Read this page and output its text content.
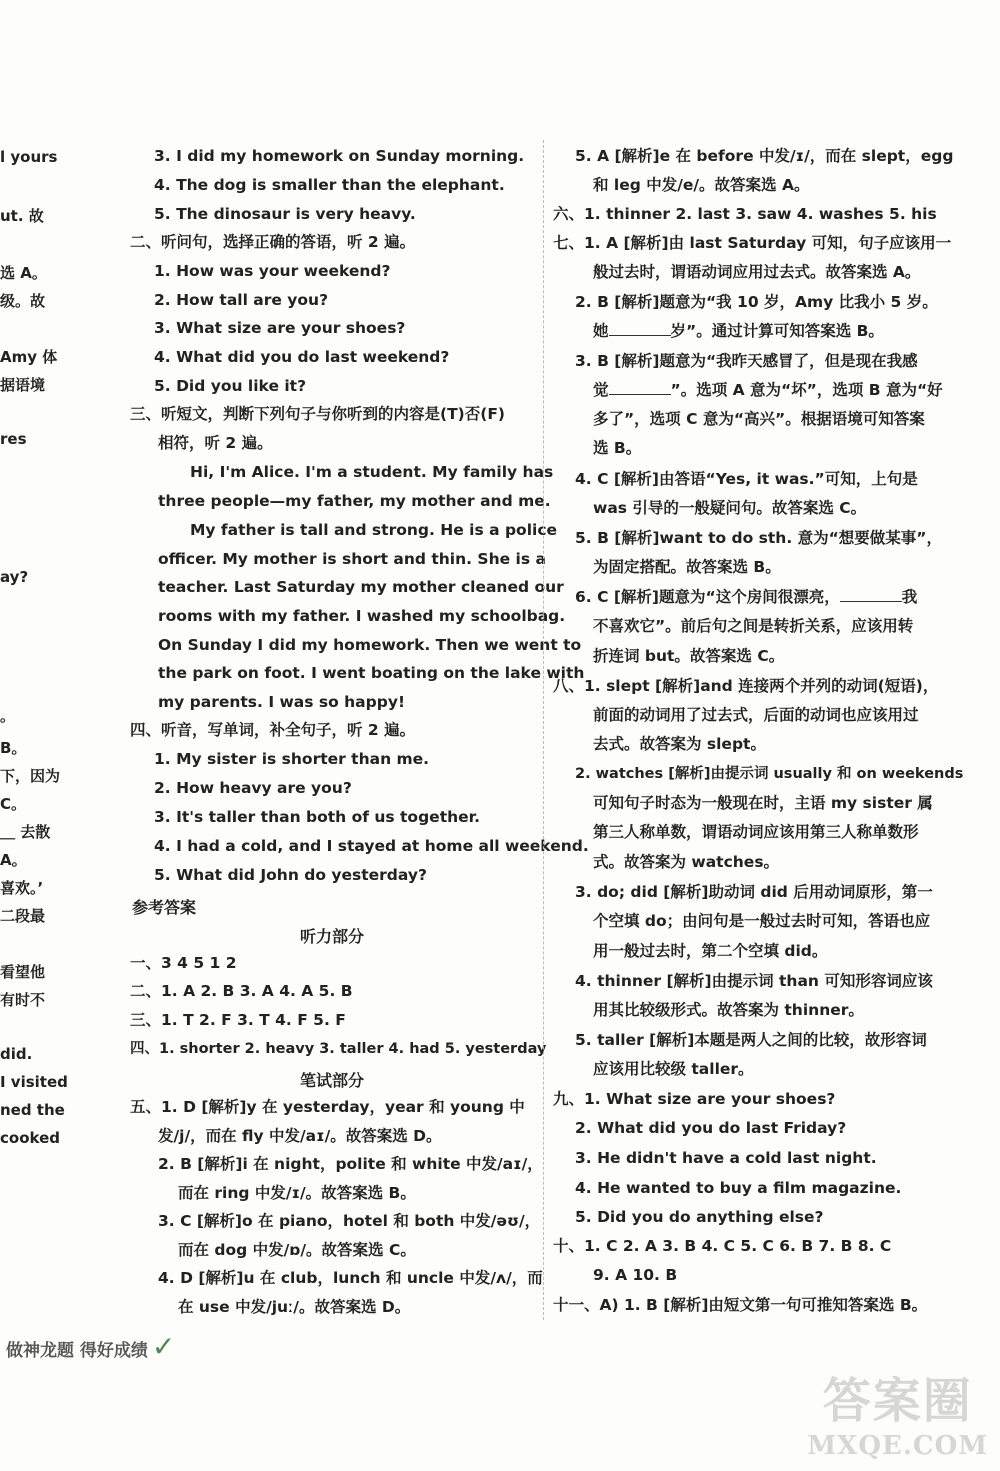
l yours
ut. 故
选 A。
级。故
Amy 体
据语境
res
ay?
。
B。
下，因为
C。
＿ 去散
A。
喜欢。’
二段最
看望他
有时不
did.
I visited
ned the
cooked
3. I did my homework on Sunday morning.
4. The dog is smaller than the elephant.
5. The dinosaur is very heavy.
二、听问句，选择正确的答语，听 2 遍。
1. How was your weekend?
2. How tall are you?
3. What size are your shoes?
4. What did you do last weekend?
5. Did you like it?
三、听短文，判断下列句子与你听到的内容是(T)否(F)
相符，听 2 遍。
Hi, I'm Alice. I'm a student. My family has
three people—my father, my mother and me.
My father is tall and strong. He is a police
officer. My mother is short and thin. She is a
teacher. Last Saturday my mother cleaned our
rooms with my father. I washed my schoolbag.
On Sunday I did my homework. Then we went to
the park on foot. I went boating on the lake with
my parents. I was so happy!
四、听音，写单词，补全句子，听 2 遍。
1. My sister is shorter than me.
2. How heavy are you?
3. It's taller than both of us together.
4. I had a cold, and I stayed at home all weekend.
5. What did John do yesterday?
参考答案
听力部分
一、3 4 5 1 2
二、1. A 2. B 3. A 4. A 5. B
三、1. T 2. F 3. T 4. F 5. F
四、1. shorter 2. heavy 3. taller 4. had 5. yesterday
笔试部分
五、1. D [解析]y 在 yesterday，year 和 young 中
发/j/，而在 fly 中发/aɪ/。故答案选 D。
2. B [解析]i 在 night，polite 和 white 中发/aɪ/，
而在 ring 中发/ɪ/。故答案选 B。
3. C [解析]o 在 piano，hotel 和 both 中发/əʊ/，
而在 dog 中发/ɒ/。故答案选 C。
4. D [解析]u 在 club，lunch 和 uncle 中发/ʌ/，而
在 use 中发/juː/。故答案选 D。
5. A [解析]e 在 before 中发/ɪ/，而在 slept，egg
和 leg 中发/e/。故答案选 A。
六、1. thinner 2. last 3. saw 4. washes 5. his
七、1. A [解析]由 last Saturday 可知，句子应该用一
般过去时，谓语动词应用过去式。故答案选 A。
2. B [解析]题意为“我 10 岁，Amy 比我小 5 岁。
她	岁”。通过计算可知答案选 B。
3. B [解析]题意为“我昨天感冒了，但是现在我感
觉	”。选项 A 意为“坏”，选项 B 意为“好
多了”，选项 C 意为“高兴”。根据语境可知答案
选 B。
4. C [解析]由答语“Yes, it was.”可知，上句是
was 引导的一般疑问句。故答案选 C。
5. B [解析]want to do sth. 意为“想要做某事”，
为固定搭配。故答案选 B。
6. C [解析]题意为“这个房间很漂亮，	我
不喜欢它”。前后句之间是转折关系，应该用转
折连词 but。故答案选 C。
八、1. slept [解析]and 连接两个并列的动词(短语)，
前面的动词用了过去式，后面的动词也应该用过
去式。故答案为 slept。
2. watches [解析]由提示词 usually 和 on weekends
可知句子时态为一般现在时，主语 my sister 属
第三人称单数，谓语动词应该用第三人称单数形
式。故答案为 watches。
3. do; did [解析]助动词 did 后用动词原形，第一
个空填 do；由问句是一般过去时可知，答语也应
用一般过去时，第二个空填 did。
4. thinner [解析]由提示词 than 可知形容词应该
用其比较级形式。故答案为 thinner。
5. taller [解析]本题是两人之间的比较，故形容词
应该用比较级 taller。
九、1. What size are your shoes?
2. What did you do last Friday?
3. He didn't have a cold last night.
4. He wanted to buy a film magazine.
5. Did you do anything else?
十、1. C 2. A 3. B 4. C 5. C 6. B 7. B 8. C
9. A 10. B
十一、A) 1. B [解析]由短文第一句可推知答案选 B。
做神龙题 得好成绩 ✓
答案圈
MXQE.COM
